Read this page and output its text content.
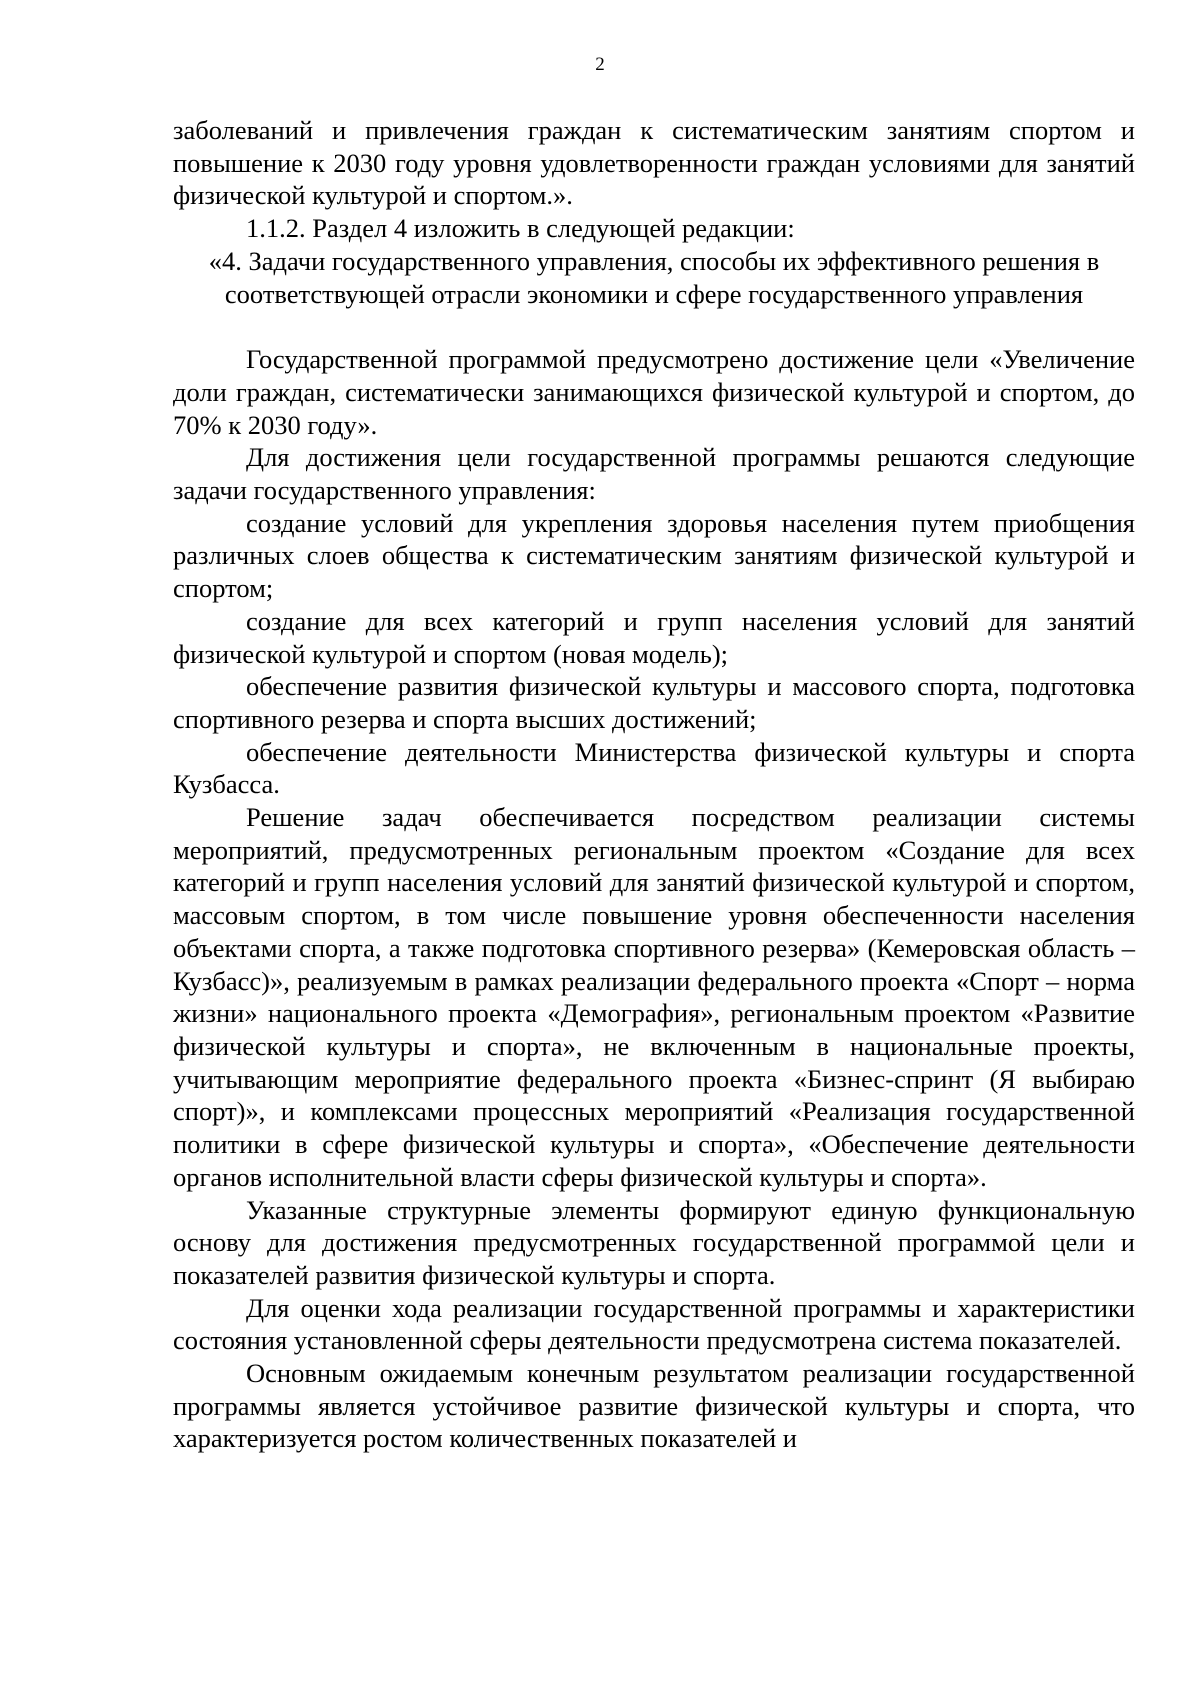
2

заболеваний и привлечения граждан к систематическим занятиям спортом и повышение к 2030 году уровня удовлетворенности граждан условиями для занятий физической культурой и спортом.».

1.1.2. Раздел 4 изложить в следующей редакции:

«4. Задачи государственного управления, способы их эффективного решения в
соответствующей отрасли экономики и сфере государственного управления

Государственной программой предусмотрено достижение цели «Увеличение доли граждан, систематически занимающихся физической культурой и спортом, до 70% к 2030 году».

Для достижения цели государственной программы решаются следующие задачи государственного управления:

создание условий для укрепления здоровья населения путем приобщения различных слоев общества к систематическим занятиям физической культурой и спортом;

создание для всех категорий и групп населения условий для занятий физической культурой и спортом (новая модель);

обеспечение развития физической культуры и массового спорта, подготовка спортивного резерва и спорта высших достижений;

обеспечение деятельности Министерства физической культуры и спорта Кузбасса.

Решение задач обеспечивается посредством реализации системы мероприятий, предусмотренных региональным проектом «Создание для всех категорий и групп населения условий для занятий физической культурой и спортом, массовым спортом, в том числе повышение уровня обеспеченности населения объектами спорта, а также подготовка спортивного резерва» (Кемеровская область – Кузбасс)», реализуемым в рамках реализации федерального проекта «Спорт – норма жизни» национального проекта «Демография», региональным проектом «Развитие физической культуры и спорта», не включенным в национальные проекты, учитывающим мероприятие федерального проекта «Бизнес-спринт (Я выбираю спорт)», и комплексами процессных мероприятий «Реализация государственной политики в сфере физической культуры и спорта», «Обеспечение деятельности органов исполнительной власти сферы физической культуры и спорта».

Указанные структурные элементы формируют единую функциональную основу для достижения предусмотренных государственной программой цели и показателей развития физической культуры и спорта.

Для оценки хода реализации государственной программы и характеристики состояния установленной сферы деятельности предусмотрена система показателей.

Основным ожидаемым конечным результатом реализации государственной программы является устойчивое развитие физической культуры и спорта, что характеризуется ростом количественных показателей и
